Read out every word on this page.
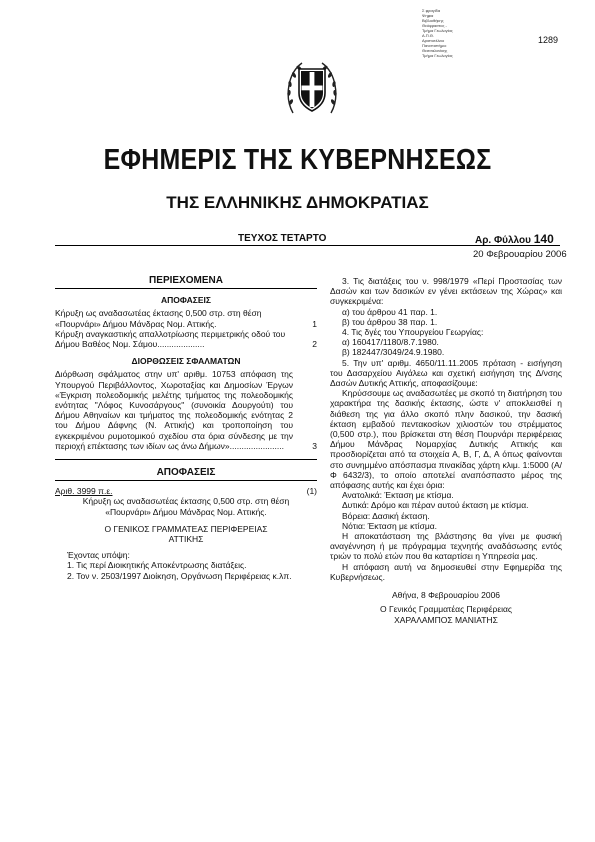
Σ φραγίδα
Ψηφια
Βιβλιοθήκης
Θεόφραστος -
Τμήμα Γεωλογίας
Α.Π.Θ.
Αριστοτέλειο
Πανεπιστήμιο
Θεσσαλονίκης
Τμήμα Γεωλογίας
1289
ΕΦΗΜΕΡΙΣ ΤΗΣ ΚΥΒΕΡΝΗΣΕΩΣ
ΤΗΣ ΕΛΛΗΝΙΚΗΣ ΔΗΜΟΚΡΑΤΙΑΣ
ΤΕΥΧΟΣ ΤΕΤΑΡΤΟ	Αρ. Φύλλου 140
20 Φεβρουαρίου 2006
ΠΕΡΙΕΧΟΜΕΝΑ
ΑΠΟΦΑΣΕΙΣ
Κήρυξη ως αναδασωτέας έκτασης 0,500 στρ. στη θέση «Πουρνάρι» Δήμου Μάνδρας Νομ. Αττικής.	1
Κήρυξη αναγκαστικής απαλλοτρίωσης περιμετρικής οδού του Δήμου Βαθέος Νομ. Σάμου....................	2
ΔΙΟΡΘΩΣΕΙΣ ΣΦΑΛΜΑΤΩΝ
Διόρθωση σφάλματος στην υπ' αριθμ. 10753 απόφαση της Υπουργού Περιβάλλοντος, Χωροταξίας και Δημοσίων Έργων «Έγκριση πολεοδομικής μελέτης τμήματος της πολεοδομικής ενότητας "Λόφος Κυνοσάργους" (συνοικία Δουργούτι) του Δήμου Αθηναίων και τμήματος της πολεοδομικής ενότητας 2 του Δήμου Δάφνης (Ν. Αττικής) και τροποποίηση του εγκεκριμένου ρυμοτομικού σχεδίου στα όρια σύνδεσης με την περιοχή επέκτασης των ιδίων ως άνω Δήμων».......................	3
ΑΠΟΦΑΣΕΙΣ
Αριθ. 3999 π.ε.	(1)
Κήρυξη ως αναδασωτέας έκτασης 0,500 στρ. στη θέση «Πουρνάρι» Δήμου Μάνδρας Νομ. Αττικής.
Ο ΓΕΝΙΚΟΣ ΓΡΑΜΜΑΤΕΑΣ ΠΕΡΙΦΕΡΕΙΑΣ
ΑΤΤΙΚΗΣ
Έχοντας υπόψη:
1. Τις περί Διοικητικής Αποκέντρωσης διατάξεις.
2. Τον ν. 2503/1997 Διοίκηση, Οργάνωση Περιφέρειας κ.λπ.
3. Τις διατάξεις του ν. 998/1979 «Περί Προστασίας των Δασών και των δασικών εν γένει εκτάσεων της Χώρας» και συγκεκριμένα:
α) του άρθρου 41 παρ. 1.
β) του άρθρου 38 παρ. 1.
4. Τις δγές του Υπουργείου Γεωργίας:
α) 160417/1180/8.7.1980.
β) 182447/3049/24.9.1980.
5. Την υπ' αριθμ. 4650/11.11.2005 πρόταση - εισήγηση του Δασαρχείου Αιγάλεω και σχετική εισήγηση της Δ/νσης Δασών Δυτικής Αττικής, αποφασίζουμε:
Κηρύσσουμε ως αναδασωτέες με σκοπό τη διατήρηση του χαρακτήρα της δασικής έκτασης, ώστε ν' αποκλεισθεί η διάθεση της για άλλο σκοπό πλην δασικού, την δασική έκταση εμβαδού πεντακοσίων χιλιοστών του στρέμματος (0,500 στρ.), που βρίσκεται στη θέση Πουρνάρι περιφέρειας Δήμου Μάνδρας Νομαρχίας Δυτικής Αττικής και προσδιορίζεται από τα στοιχεία Α, Β, Γ, Δ, Α όπως φαίνονται στο συνημμένο απόσπασμα πινακίδας χάρτη κλιμ. 1:5000 (Α/Φ 6432/3), το οποίο αποτελεί αναπόσπαστο μέρος της απόφασης αυτής και έχει όρια:
Ανατολικά: Έκταση με κτίσμα.
Δυτικά: Δρόμο και πέραν αυτού έκταση με κτίσμα.
Βόρεια: Δασική έκταση.
Νότια: Έκταση με κτίσμα.
Η αποκατάσταση της βλάστησης θα γίνει με φυσική αναγέννηση ή με πρόγραμμα τεχνητής αναδάσωσης εντός τριών το πολύ ετών που θα καταρτίσει η Υπηρεσία μας.
Η απόφαση αυτή να δημοσιευθεί στην Εφημερίδα της Κυβερνήσεως.
Αθήνα, 8 Φεβρουαρίου 2006
Ο Γενικός Γραμματέας Περιφέρειας
ΧΑΡΑΛΑΜΠΟΣ ΜΑΝΙΑΤΗΣ
